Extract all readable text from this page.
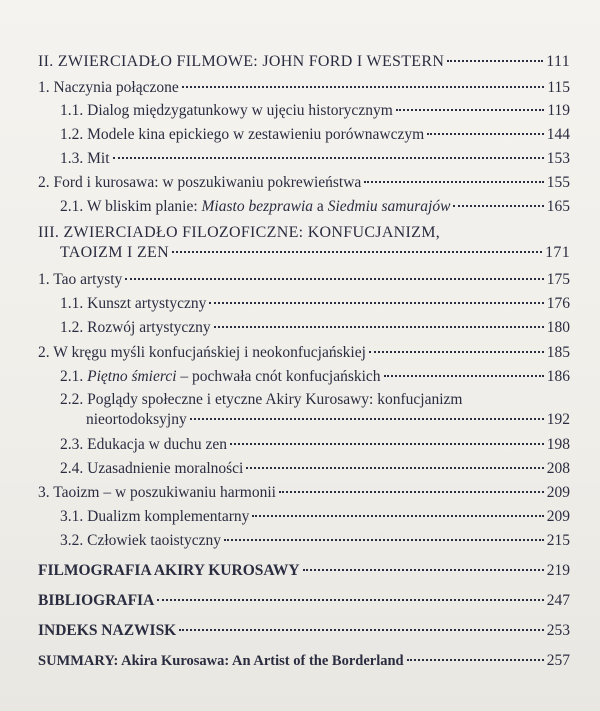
II. ZWIERCIADŁO FILMOWE: JOHN FORD I WESTERN	111
1. Naczynia połączone	115
1.1. Dialog międzygatunkowy w ujęciu historycznym	119
1.2. Modele kina epickiego w zestawieniu porównawczym	144
1.3. Mit	153
2. Ford i kurosawa: w poszukiwaniu pokrewieństwa	155
2.1. W bliskim planie: Miasto bezprawia a Siedmiu samurajów	165
III. ZWIERCIADŁO FILOZOFICZNE: KONFUCJANIZM,
TAOIZM I ZEN	171
1. Tao artysty	175
1.1. Kunszt artystyczny	176
1.2. Rozwój artystyczny	180
2. W kręgu myśli konfucjańskiej i neokonfucjańskiej	185
2.1. Piętno śmierci – pochwała cnót konfucjańskich	186
2.2. Poglądy społeczne i etyczne Akiry Kurosawy: konfucjanizm
nieortodoksyjny	192
2.3. Edukacja w duchu zen	198
2.4. Uzasadnienie moralności	208
3. Taoizm – w poszukiwaniu harmonii	209
3.1. Dualizm komplementarny	209
3.2. Człowiek taoistyczny	215
FILMOGRAFIA AKIRY KUROSAWY	219
BIBLIOGRAFIA	247
INDEKS NAZWISK	253
SUMMARY: Akira Kurosawa: An Artist of the Borderland	257
